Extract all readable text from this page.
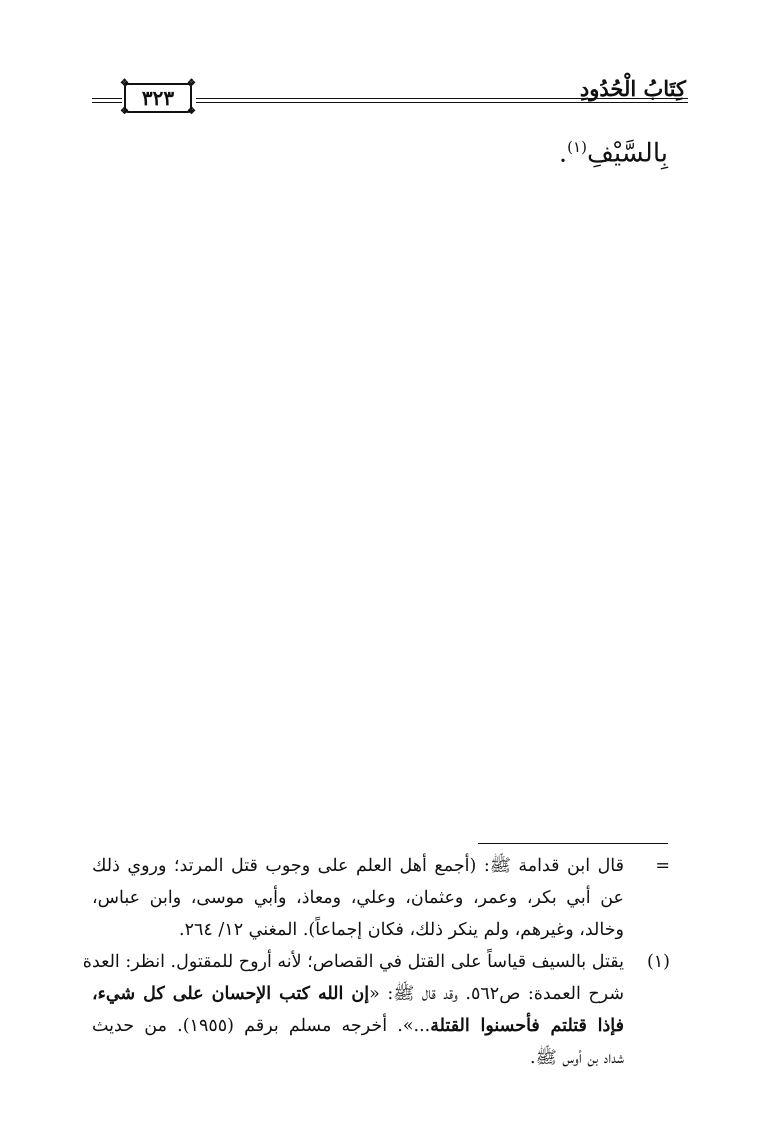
كِتَابُ الْحُدُودِ
❖	❖
❖	❖
٣٢٣
بِالسَّيْفِ$^{(١)}$.
=
قال ابن قدامة ﷺ: (أجمع أهل العلم على وجوب قتل المرتد؛ وروي ذلك
عن أبي بكر، وعمر، وعثمان، وعلي، ومعاذ، وأبي موسى، وابن عباس،
وخالد، وغيرهم، ولم ينكر ذلك، فكان إجماعاً). المغني ١٢/ ٢٦٤.
(١)
يقتل بالسيف قياساً على القتل في القصاص؛ لأنه أروح للمقتول. انظر: العدة
شرح العمدة: ص٥٦٢. وقد قال ﷺ: «إن الله كتب الإحسان على كل شيء،
فإذا قتلتم فأحسنوا القتلة...». أخرجه مسلم برقم (١٩٥٥). من حديث
شداد بن أوس ﷺ.
